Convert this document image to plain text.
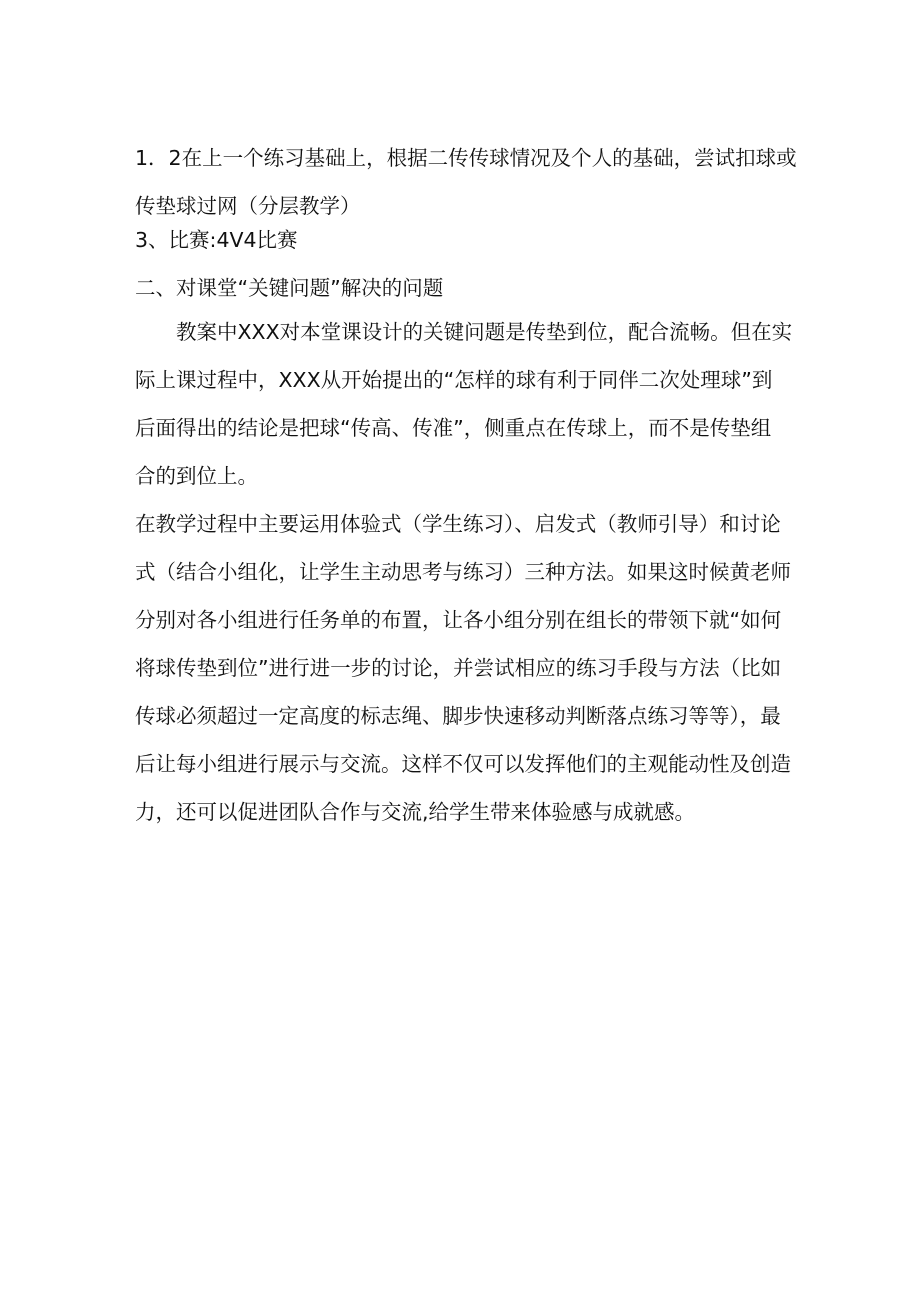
1．2在上一个练习基础上，根据二传传球情况及个人的基础，尝试扣球或
传垫球过网（分层教学）
3、比赛:4V4比赛
二、对课堂“关键问题”解决的问题
教案中XXX对本堂课设计的关键问题是传垫到位，配合流畅。但在实
际上课过程中，XXX从开始提出的“怎样的球有利于同伴二次处理球”到
后面得出的结论是把球“传高、传准”，侧重点在传球上，而不是传垫组
合的到位上。
在教学过程中主要运用体验式（学生练习）、启发式（教师引导）和讨论
式（结合小组化，让学生主动思考与练习）三种方法。如果这时候黄老师
分别对各小组进行任务单的布置，让各小组分别在组长的带领下就“如何
将球传垫到位”进行进一步的讨论，并尝试相应的练习手段与方法（比如
传球必须超过一定高度的标志绳、脚步快速移动判断落点练习等等），最
后让每小组进行展示与交流。这样不仅可以发挥他们的主观能动性及创造
力，还可以促进团队合作与交流,给学生带来体验感与成就感。
